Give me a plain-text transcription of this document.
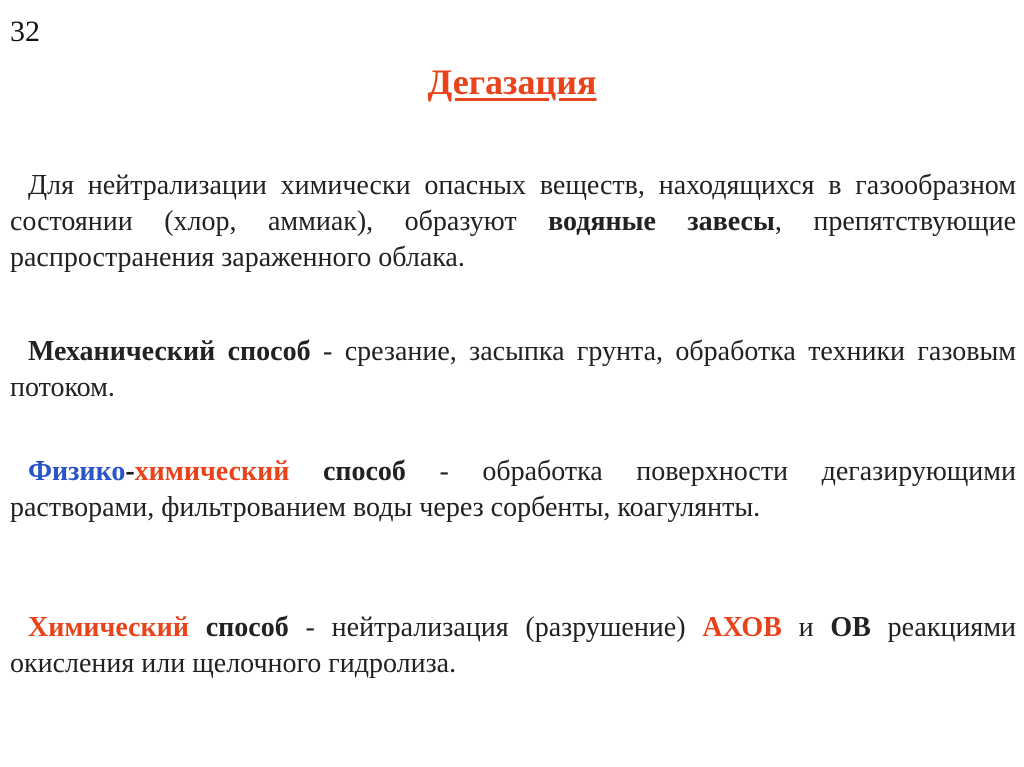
32
Дегазация
Для нейтрализации химически опасных веществ, находящихся в газообразном состоянии (хлор, аммиак), образуют водяные завесы, препятствующие распространения зараженного облака.
Механический способ - срезание, засыпка грунта, обработка техники газовым потоком.
Физико-химический способ - обработка поверхности дегазирующими растворами, фильтрованием воды через сорбенты, коагулянты.
Химический способ - нейтрализация (разрушение) АХОВ и ОВ реакциями окисления или щелочного гидролиза.
